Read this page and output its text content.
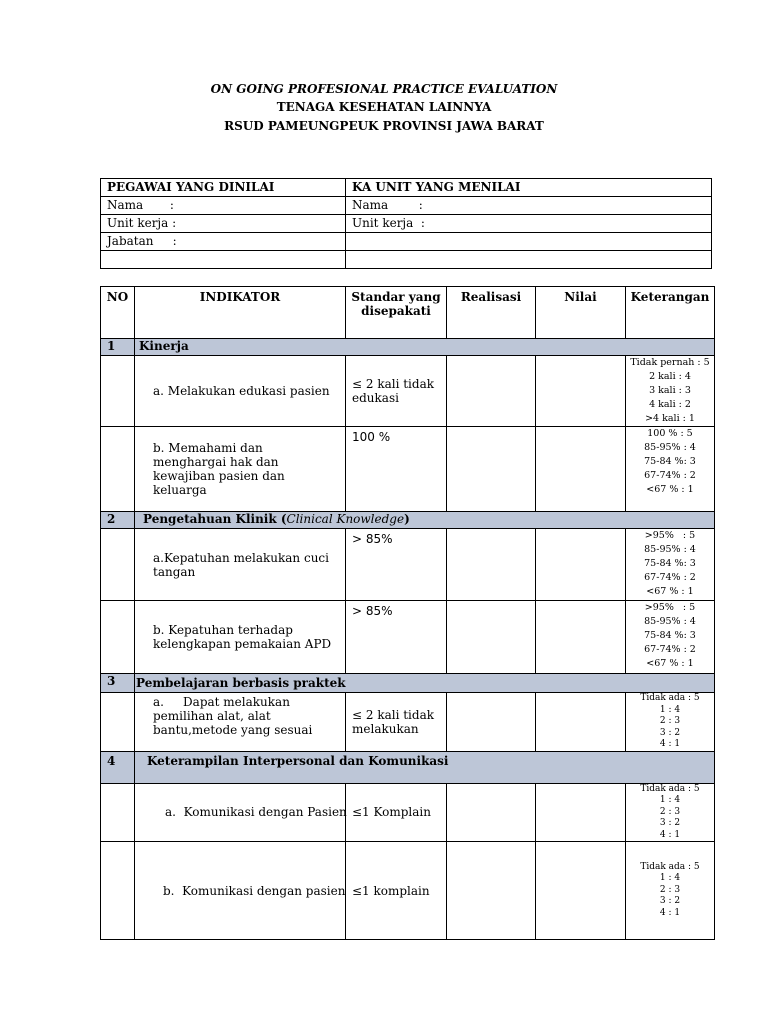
ON GOING PROFESIONAL PRACTICE EVALUATION
TENAGA KESEHATAN LAINNYA
RSUD PAMEUNGPEUK PROVINSI JAWA BARAT
PEGAWAI YANG DINILAI	KA UNIT YANG MENILAI
Nama       :	Nama        :
Unit kerja :	Unit kerja  :
Jabatan     :	

NO	INDIKATOR	Standar yang disepakati	Realisasi	Nilai	Keterangan
1	Kinerja				
	a. Melakukan edukasi pasien	≤ 2 kali tidak edukasi			Tidak pernah : 5
2 kali : 4
3 kali : 3
4 kali : 2
>4 kali : 1

	b. Memahami dan menghargai hak dan kewajiban pasien dan keluarga	100 %			100 % : 5
85-95% : 4
75-84 %: 3
67-74% : 2
<67 % : 1

2	Pengetahuan Klinik (Clinical Knowledge)				
	a.Kepatuhan melakukan cuci tangan	> 85%			>95%   : 5
85-95% : 4
75-84 %: 3
67-74% : 2
<67 % : 1

	b. Kepatuhan terhadap kelengkapan pemakaian APD	> 85%			>95%   : 5
85-95% : 4
75-84 %: 3
67-74% : 2
<67 % : 1

3	Pembelajaran berbasis praktek				
	a.     Dapat melakukan pemilihan alat, alat bantu,metode yang sesuai	≤ 2 kali tidak melakukan			Tidak ada : 5
1 : 4
2 : 3
3 : 2
4 : 1

4	Keterampilan Interpersonal dan Komunikasi				
	a.  Komunikasi dengan Pasien	≤1 Komplain			Tidak ada : 5
1 : 4
2 : 3
3 : 2
4 : 1

	b.  Komunikasi dengan pasien	≤1 komplain			Tidak ada : 5
1 : 4
2 : 3
3 : 2
4 : 1
